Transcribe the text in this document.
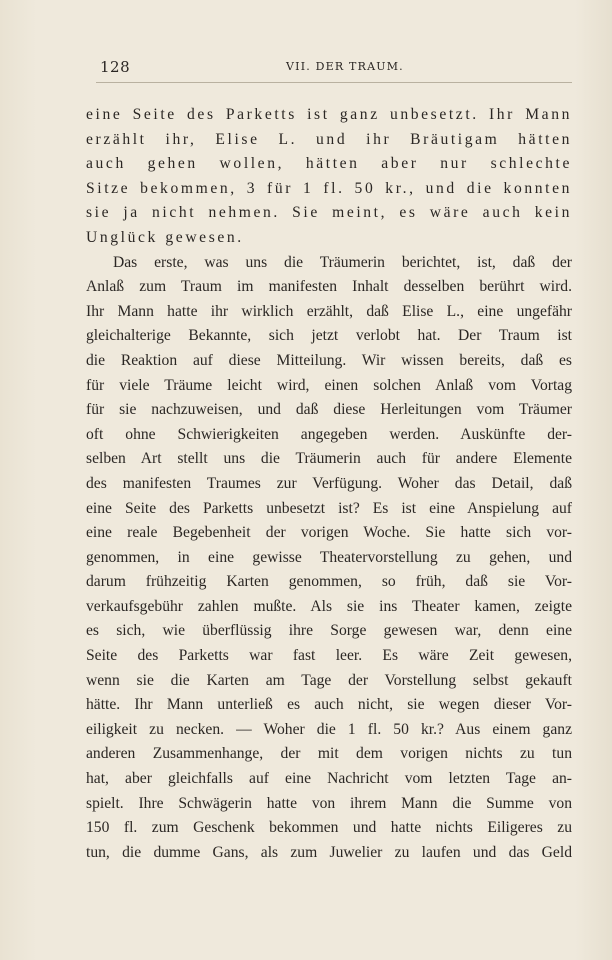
128	VII. DER TRAUM.
eine Seite des Parketts ist ganz unbesetzt. Ihr Mann
erzählt ihr, Elise L. und ihr Bräutigam hätten
auch gehen wollen, hätten aber nur schlechte
Sitze bekommen, 3 für 1 fl. 50 kr., und die konnten
sie ja nicht nehmen. Sie meint, es wäre auch kein
Unglück gewesen.
Das erste, was uns die Träumerin berichtet, ist, daß der
Anlaß zum Traum im manifesten Inhalt desselben berührt wird.
Ihr Mann hatte ihr wirklich erzählt, daß Elise L., eine ungefähr
gleichalterige Bekannte, sich jetzt verlobt hat. Der Traum ist
die Reaktion auf diese Mitteilung. Wir wissen bereits, daß es
für viele Träume leicht wird, einen solchen Anlaß vom Vortag
für sie nachzuweisen, und daß diese Herleitungen vom Träumer
oft ohne Schwierigkeiten angegeben werden. Auskünfte der-
selben Art stellt uns die Träumerin auch für andere Elemente
des manifesten Traumes zur Verfügung. Woher das Detail, daß
eine Seite des Parketts unbesetzt ist? Es ist eine Anspielung auf
eine reale Begebenheit der vorigen Woche. Sie hatte sich vor-
genommen, in eine gewisse Theatervorstellung zu gehen, und
darum frühzeitig Karten genommen, so früh, daß sie Vor-
verkaufsgebühr zahlen mußte. Als sie ins Theater kamen, zeigte
es sich, wie überflüssig ihre Sorge gewesen war, denn eine
Seite des Parketts war fast leer. Es wäre Zeit gewesen,
wenn sie die Karten am Tage der Vorstellung selbst gekauft
hätte. Ihr Mann unterließ es auch nicht, sie wegen dieser Vor-
eiligkeit zu necken. — Woher die 1 fl. 50 kr.? Aus einem ganz
anderen Zusammenhange, der mit dem vorigen nichts zu tun
hat, aber gleichfalls auf eine Nachricht vom letzten Tage an-
spielt. Ihre Schwägerin hatte von ihrem Mann die Summe von
150 fl. zum Geschenk bekommen und hatte nichts Eiligeres zu
tun, die dumme Gans, als zum Juwelier zu laufen und das Geld
